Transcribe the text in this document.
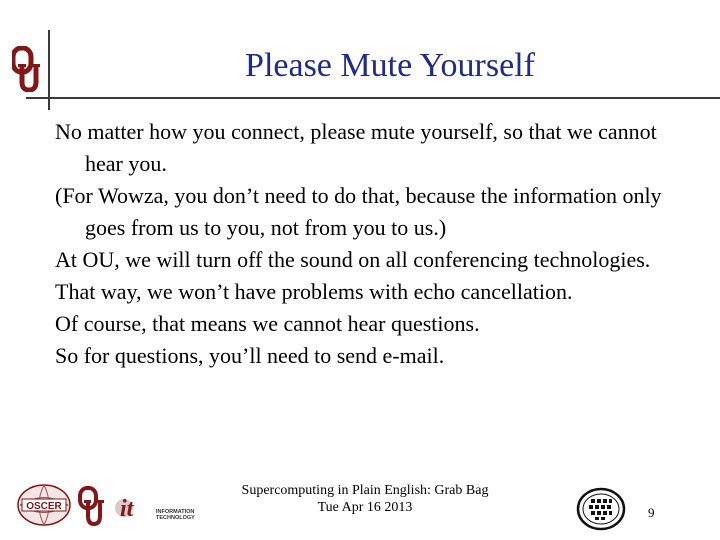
Please Mute Yourself

No matter how you connect, please mute yourself, so that we cannot hear you.

(For Wowza, you don’t need to do that, because the information only goes from us to you, not from you to us.)

At OU, we will turn off the sound on all conferencing technologies.

That way, we won’t have problems with echo cancellation.

Of course, that means we cannot hear questions.

So for questions, you’ll need to send e-mail.

OSCER it	INFORMATION
TECHNOLOGY
Supercomputing in Plain English: Grab Bag
Tue Apr 16 2013	9
